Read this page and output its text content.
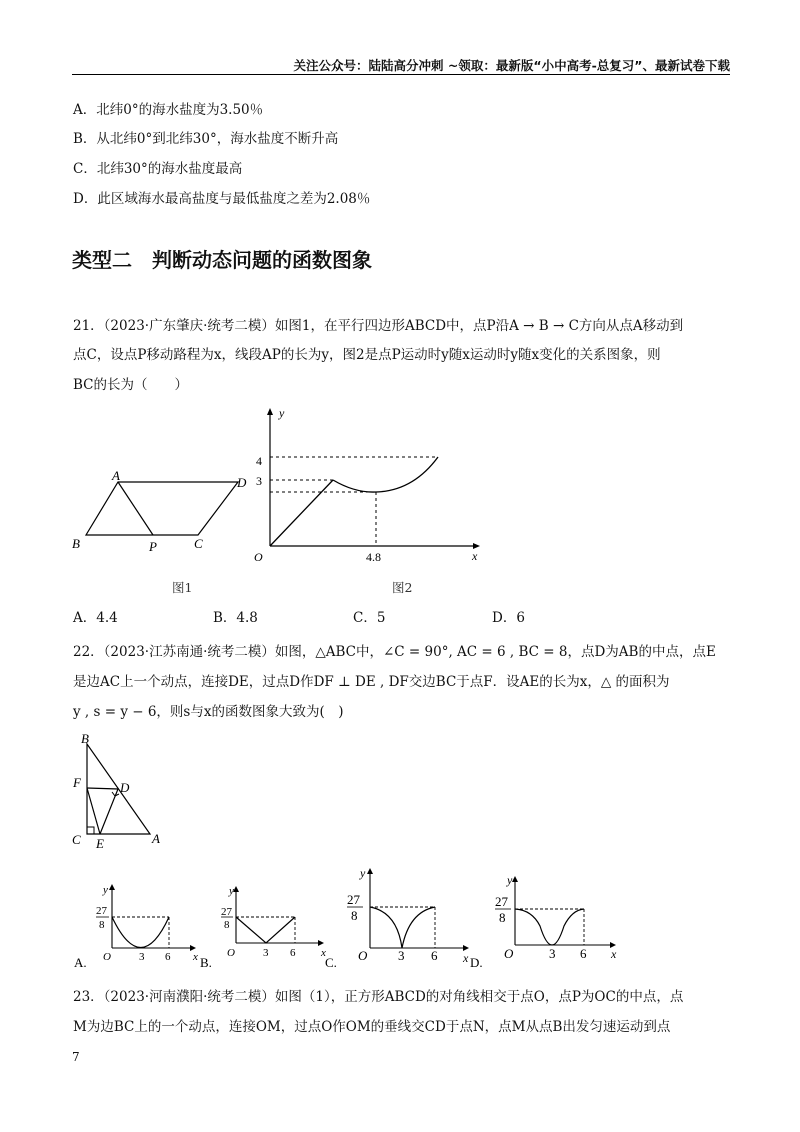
关注公众号：陆陆高分冲刺 ~领取：最新版“小中高考-总复习”、最新试卷下载
A．北纬0°的海水盐度为3.50％
B．从北纬0°到北纬30°，海水盐度不断升高
C．北纬30°的海水盐度最高
D．此区域海水最高盐度与最低盐度之差为2.08％
类型二 判断动态问题的函数图象
21．（2023·广东肇庆·统考二模）如图1，在平行四边形ABCD中，点P沿A → B → C方向从点A移动到
点C，设点P移动路程为x，线段AP的长为y，图2是点P运动时y随x运动时y随x变化的关系图象，则
BC的长为（　　）
A	D
B	P	C
图1
y
x
O
4
3
4.8
图2
A．4.4	B．4.8	C．5	D．6
22．（2023·江苏南通·统考二模）如图，△ABC中，∠C = 90°, AC = 6 , BC = 8，点D为AB的中点，点E
是边AC上一个动点，连接DE，过点D作DF ⊥ DE , DF交边BC于点F．设AE的长为x，△ 的面积为
y , s = y − 6，则s与x的函数图象大致为(　)
B
F	D
C E	A
A.
y
x
O
27
8
3 6 B.
y
x
O
27
8
3 6
C.
y
x
O
27
8
3 6	D.
y
x
O
27
8
3 6
23．（2023·河南濮阳·统考二模）如图（1），正方形ABCD的对角线相交于点O，点P为OC的中点，点
M为边BC上的一个动点，连接OM，过点O作OM的垂线交CD于点N，点M从点B出发匀速运动到点
7
